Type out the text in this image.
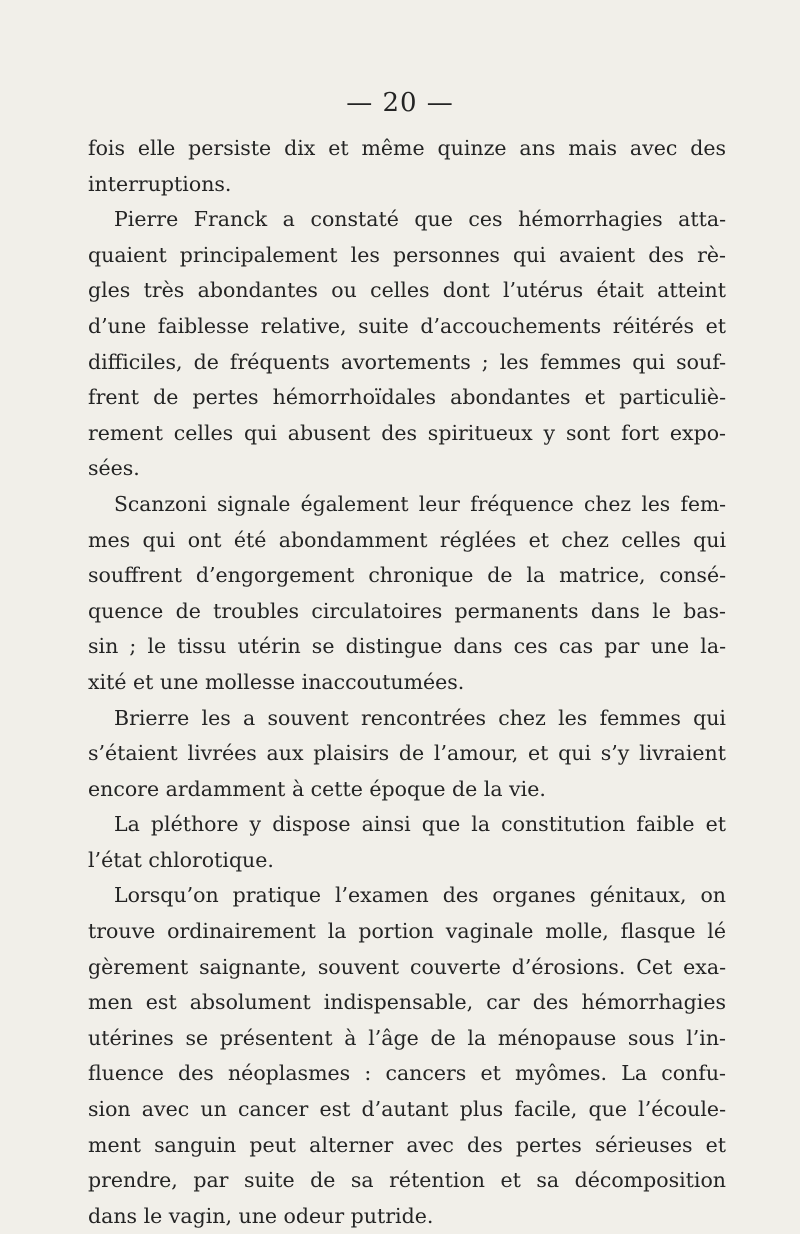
— 20 —
fois elle persiste dix et même quinze ans mais avec des
interruptions.
Pierre Franck a constaté que ces hémorrhagies atta-
quaient principalement les personnes qui avaient des rè-
gles très abondantes ou celles dont l’utérus était atteint
d’une faiblesse relative, suite d’accouchements réitérés et
difficiles, de fréquents avortements ; les femmes qui souf-
frent de pertes hémorrhoïdales abondantes et particuliè-
rement celles qui abusent des spiritueux y sont fort expo-
sées.
Scanzoni signale également leur fréquence chez les fem-
mes qui ont été abondamment réglées et chez celles qui
souffrent d’engorgement chronique de la matrice, consé-
quence de troubles circulatoires permanents dans le bas-
sin ; le tissu utérin se distingue dans ces cas par une la-
xité et une mollesse inaccoutumées.
Brierre les a souvent rencontrées chez les femmes qui
s’étaient livrées aux plaisirs de l’amour, et qui s’y livraient
encore ardamment à cette époque de la vie.
La pléthore y dispose ainsi que la constitution faible et
l’état chlorotique.
Lorsqu’on pratique l’examen des organes génitaux, on
trouve ordinairement la portion vaginale molle, flasque lé
gèrement saignante, souvent couverte d’érosions. Cet exa-
men est absolument indispensable, car des hémorrhagies
utérines se présentent à l’âge de la ménopause sous l’in-
fluence des néoplasmes : cancers et myômes. La confu-
sion avec un cancer est d’autant plus facile, que l’écoule-
ment sanguin peut alterner avec des pertes sérieuses et
prendre, par suite de sa rétention et sa décomposition
dans le vagin, une odeur putride.
